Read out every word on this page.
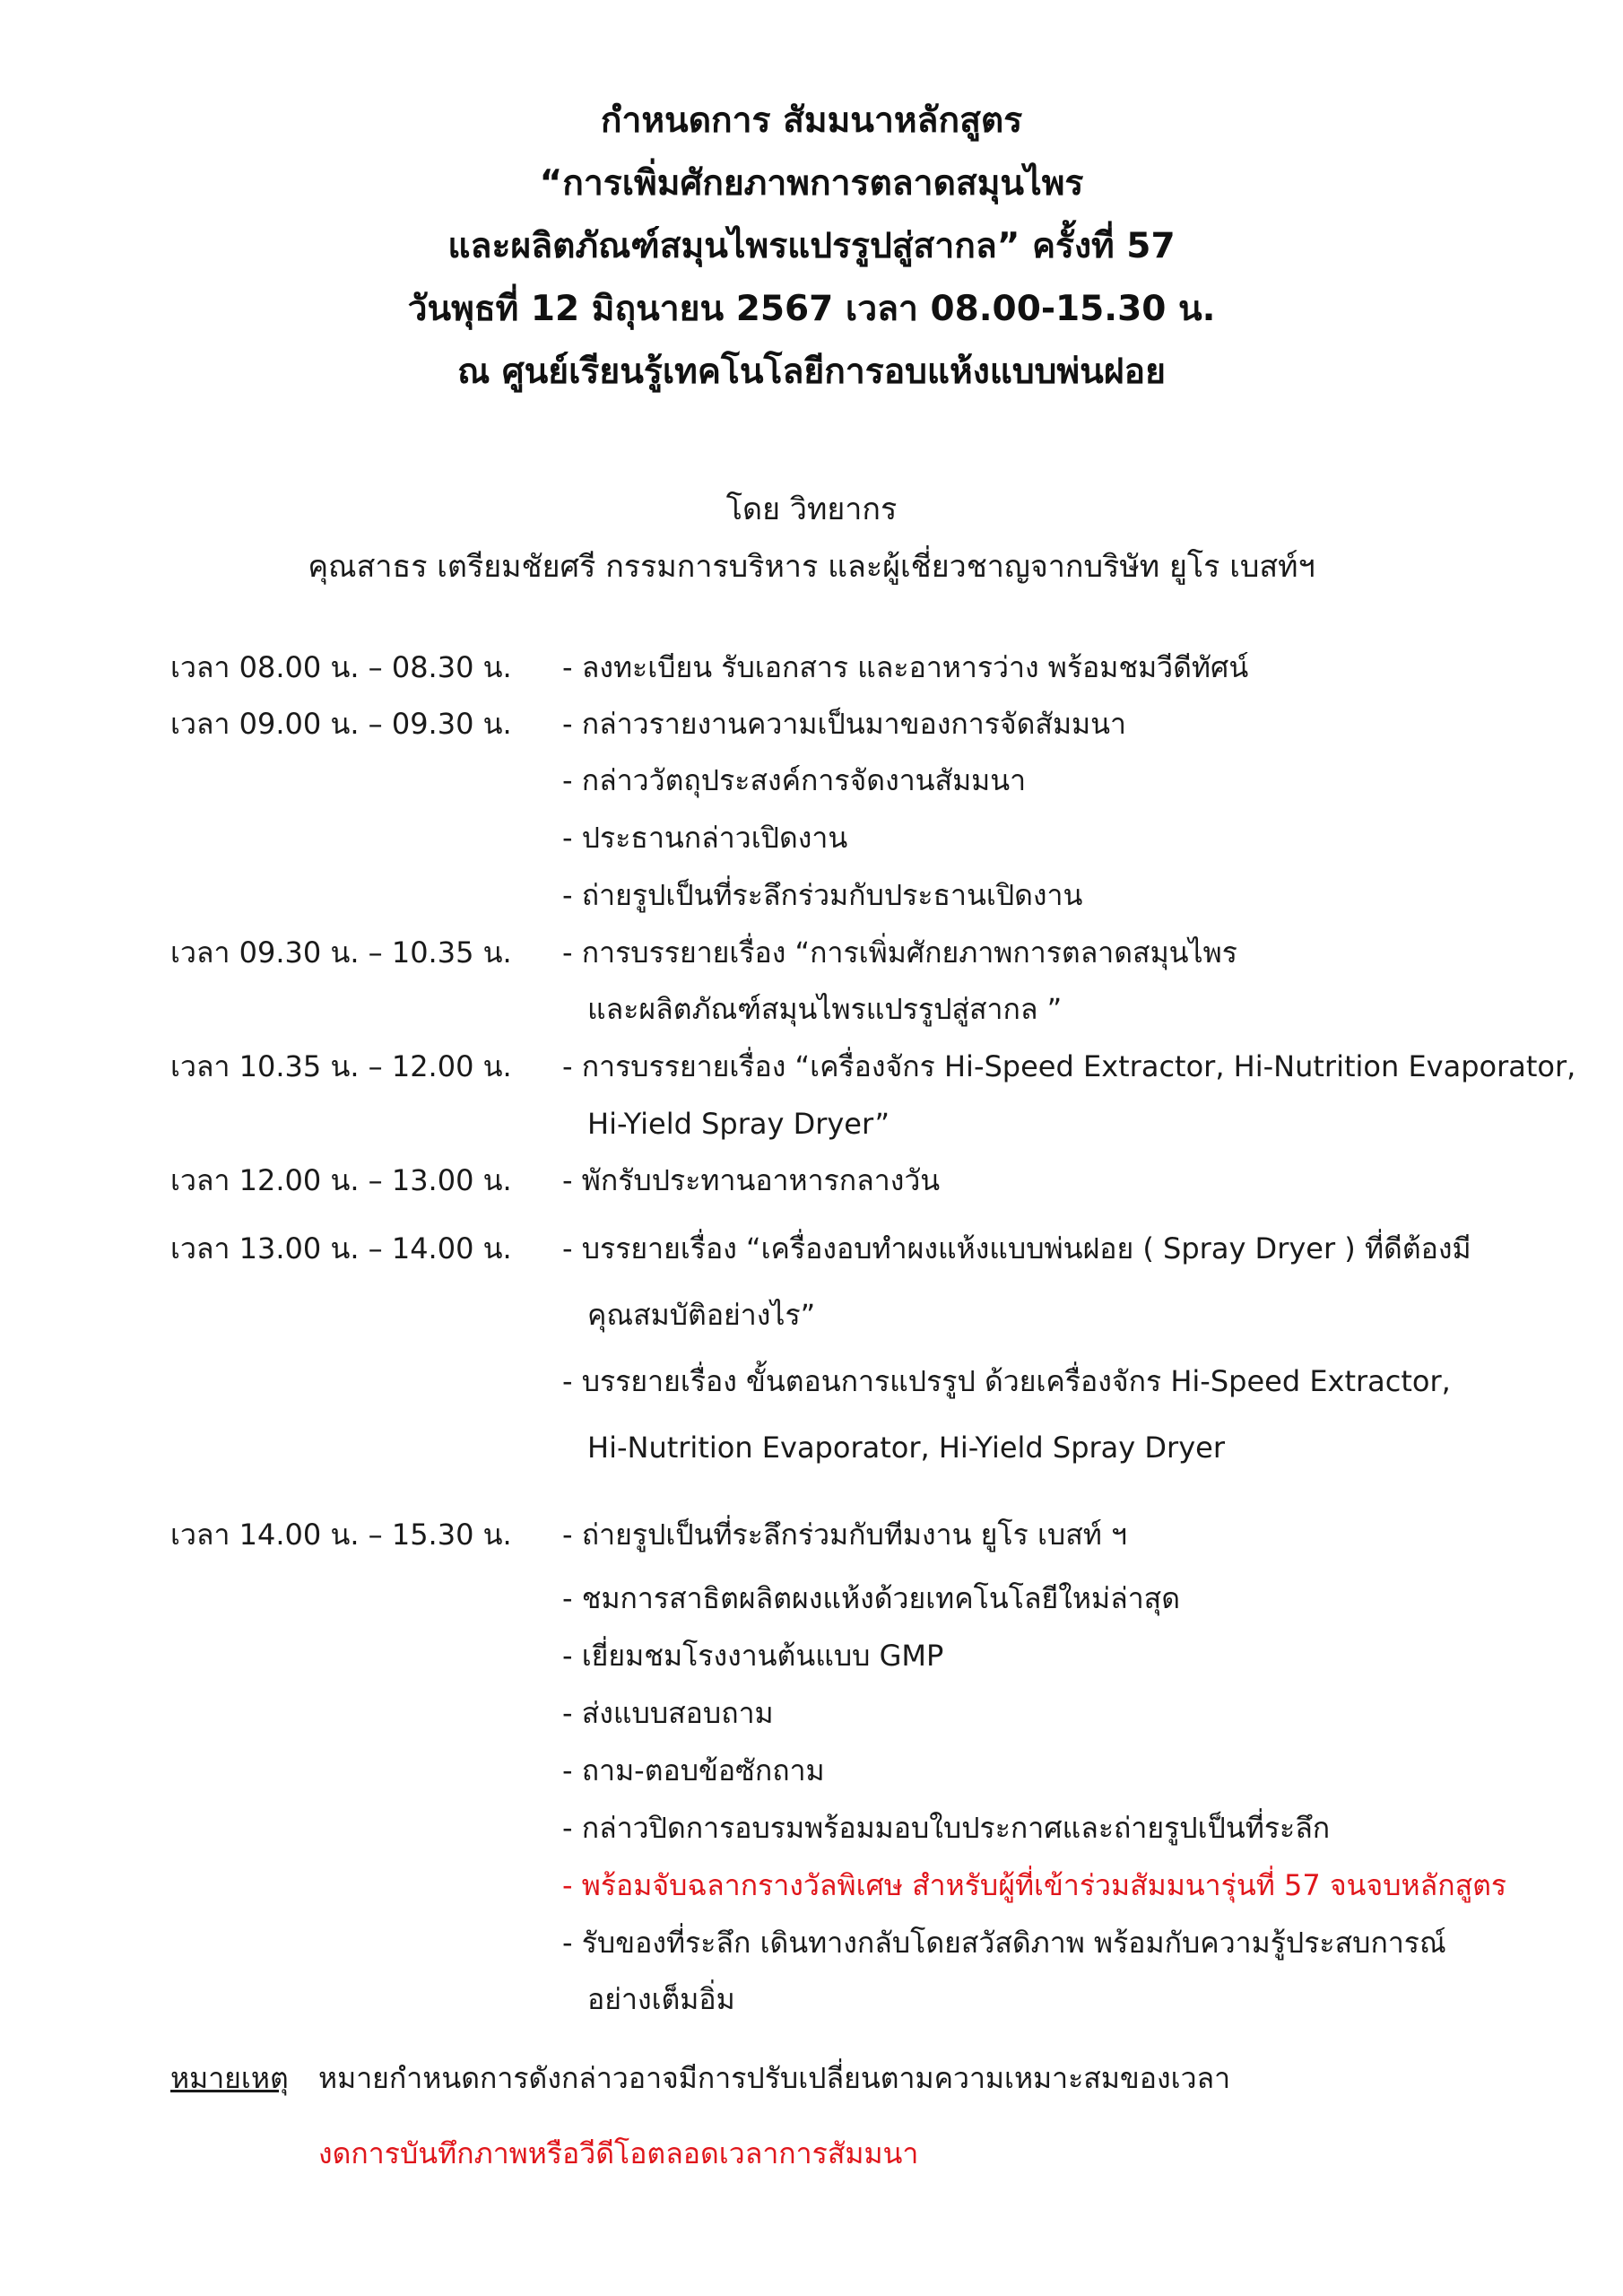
กำหนดการ สัมมนาหลักสูตร
“การเพิ่มศักยภาพการตลาดสมุนไพร
และผลิตภัณฑ์สมุนไพรแปรรูปสู่สากล” ครั้งที่ 57
วันพุธที่ 12 มิถุนายน 2567 เวลา 08.00-15.30 น.
ณ ศูนย์เรียนรู้เทคโนโลยีการอบแห้งแบบพ่นฝอย
โดย วิทยากร
คุณสาธร เตรียมชัยศรี กรรมการบริหาร และผู้เชี่ยวชาญจากบริษัท ยูโร เบสท์ฯ
เวลา 08.00 น. – 08.30 น. - ลงทะเบียน รับเอกสาร และอาหารว่าง พร้อมชมวีดีทัศน์
เวลา 09.00 น. – 09.30 น. - กล่าวรายงานความเป็นมาของการจัดสัมมนา
- กล่าววัตถุประสงค์การจัดงานสัมมนา
- ประธานกล่าวเปิดงาน
- ถ่ายรูปเป็นที่ระลึกร่วมกับประธานเปิดงาน
เวลา 09.30 น. – 10.35 น. - การบรรยายเรื่อง “การเพิ่มศักยภาพการตลาดสมุนไพร
และผลิตภัณฑ์สมุนไพรแปรรูปสู่สากล ”
เวลา 10.35 น. – 12.00 น. - การบรรยายเรื่อง “เครื่องจักร Hi-Speed Extractor, Hi-Nutrition Evaporator,
Hi-Yield Spray Dryer”
เวลา 12.00 น. – 13.00 น. - พักรับประทานอาหารกลางวัน
เวลา 13.00 น. – 14.00 น. - บรรยายเรื่อง “เครื่องอบทำผงแห้งแบบพ่นฝอย ( Spray Dryer ) ที่ดีต้องมี
คุณสมบัติอย่างไร”
- บรรยายเรื่อง ขั้นตอนการแปรรูป ด้วยเครื่องจักร Hi-Speed Extractor,
Hi-Nutrition Evaporator, Hi-Yield Spray Dryer
เวลา 14.00 น. – 15.30 น. - ถ่ายรูปเป็นที่ระลึกร่วมกับทีมงาน ยูโร เบสท์ ฯ
- ชมการสาธิตผลิตผงแห้งด้วยเทคโนโลยีใหม่ล่าสุด
- เยี่ยมชมโรงงานต้นแบบ GMP
- ส่งแบบสอบถาม
- ถาม-ตอบข้อซักถาม
- กล่าวปิดการอบรมพร้อมมอบใบประกาศและถ่ายรูปเป็นที่ระลึก
- พร้อมจับฉลากรางวัลพิเศษ สำหรับผู้ที่เข้าร่วมสัมมนารุ่นที่ 57 จนจบหลักสูตร
- รับของที่ระลึก เดินทางกลับโดยสวัสดิภาพ พร้อมกับความรู้ประสบการณ์
อย่างเต็มอิ่ม
หมายเหตุ หมายกำหนดการดังกล่าวอาจมีการปรับเปลี่ยนตามความเหมาะสมของเวลา
งดการบันทึกภาพหรือวีดีโอตลอดเวลาการสัมมนา
